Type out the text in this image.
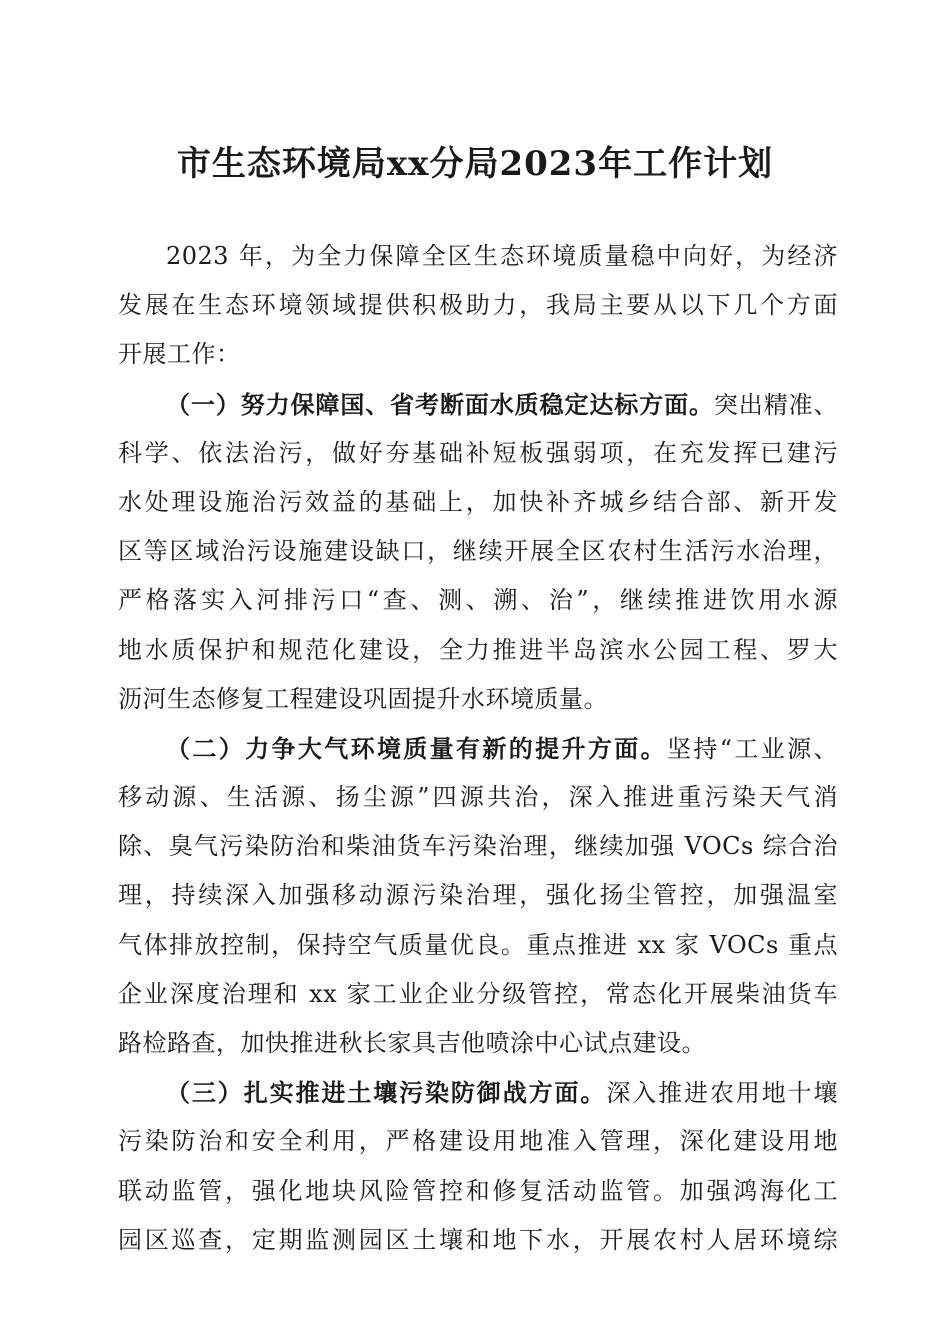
市生态环境局xx分局2023年工作计划
2023 年，为全力保障全区生态环境质量稳中向好，为经济
发展在生态环境领域提供积极助力，我局主要从以下几个方面
开展工作：
（一）努力保障国、省考断面水质稳定达标方面。突出精准、
科学、依法治污，做好夯基础补短板强弱项，在充发挥已建污
水处理设施治污效益的基础上，加快补齐城乡结合部、新开发
区等区域治污设施建设缺口，继续开展全区农村生活污水治理，
严格落实入河排污口“查、测、溯、治”，继续推进饮用水源
地水质保护和规范化建设，全力推进半岛滨水公园工程、罗大
沥河生态修复工程建设巩固提升水环境质量。
（二）力争大气环境质量有新的提升方面。坚持“工业源、
移动源、生活源、扬尘源”四源共治，深入推进重污染天气消
除、臭气污染防治和柴油货车污染治理，继续加强 VOCs 综合治
理，持续深入加强移动源污染治理，强化扬尘管控，加强温室
气体排放控制，保持空气质量优良。重点推进 xx 家 VOCs 重点
企业深度治理和 xx 家工业企业分级管控，常态化开展柴油货车
路检路查，加快推进秋长家具吉他喷涂中心试点建设。
（三）扎实推进土壤污染防御战方面。深入推进农用地十壤
污染防治和安全利用，严格建设用地准入管理，深化建设用地
联动监管，强化地块风险管控和修复活动监管。加强鸿海化工
园区巡查，定期监测园区土壤和地下水，开展农村人居环境综
